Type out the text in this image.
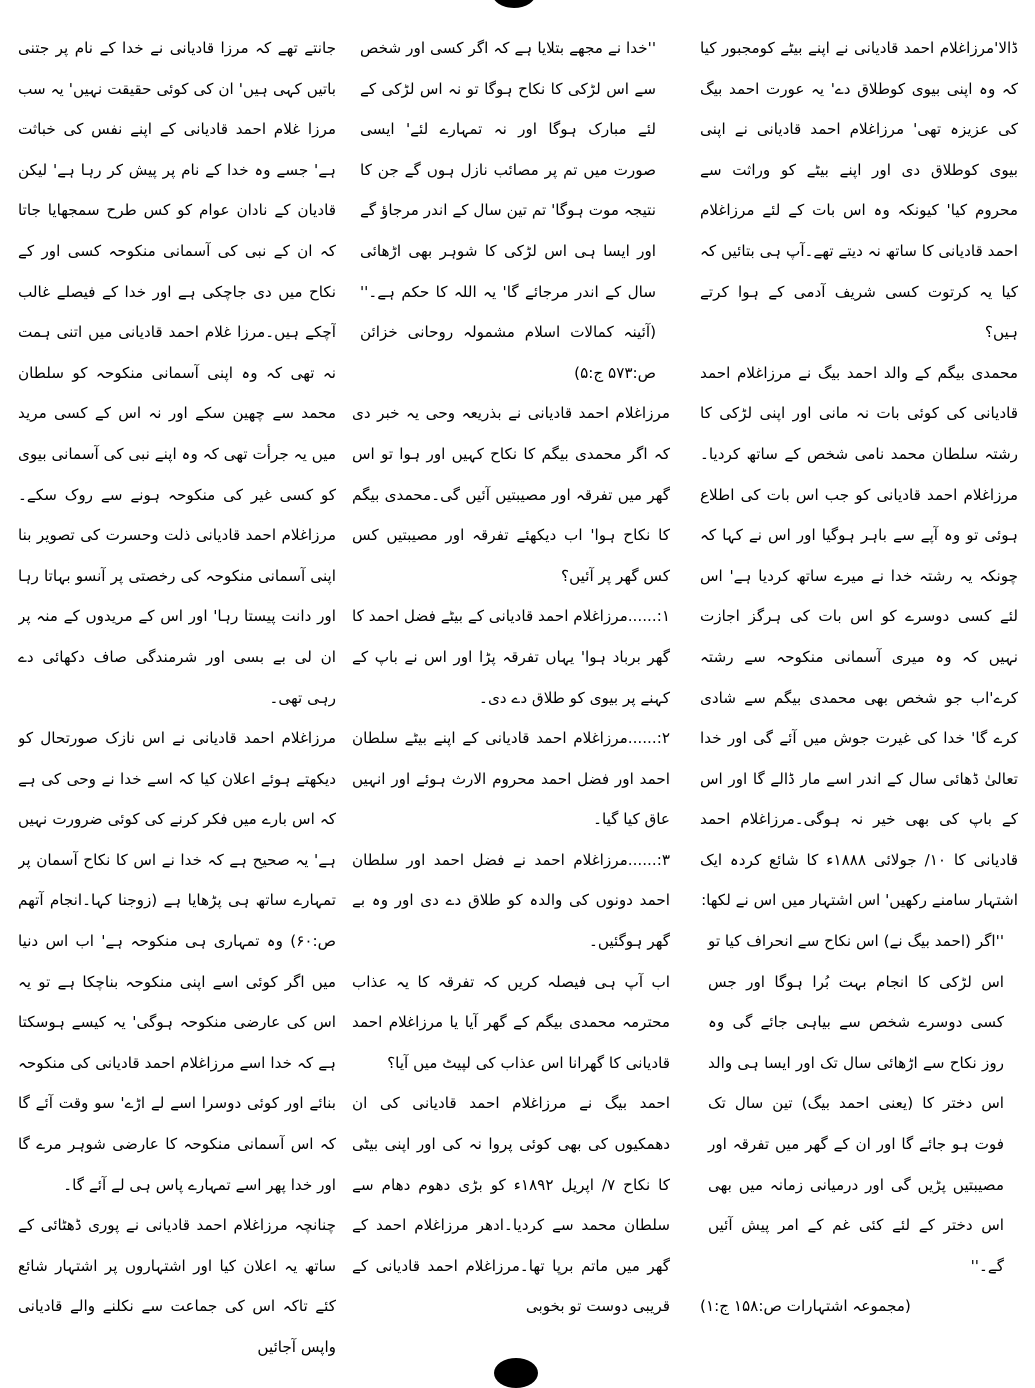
ڈالا'مرزاغلام احمد قادیانی نے اپنے بیٹے کومجبور کیا کہ وہ اپنی بیوی کوطلاق دے' یہ عورت احمد بیگ کی عزیزہ تھی' مرزاغلام احمد قادیانی نے اپنی بیوی کوطلاق دی اور اپنے بیٹے کو وراثت سے محروم کیا' کیونکہ وہ اس بات کے لئے مرزاغلام احمد قادیانی کا ساتھ نہ دیتے تھے۔آپ ہی بتائیں کہ کیا یہ کرتوت کسی شریف آدمی کے ہوا کرتے ہیں؟

محمدی بیگم کے والد احمد بیگ نے مرزاغلام احمد قادیانی کی کوئی بات نہ مانی اور اپنی لڑکی کا رشتہ سلطان محمد نامی شخص کے ساتھ کردیا۔مرزاغلام احمد قادیانی کو جب اس بات کی اطلاع ہوئی تو وہ آپے سے باہر ہوگیا اور اس نے کہا کہ چونکہ یہ رشتہ خدا نے میرے ساتھ کردیا ہے' اس لئے کسی دوسرے کو اس بات کی ہرگز اجازت نہیں کہ وہ میری آسمانی منکوحہ سے رشتہ کرے'اب جو شخص بھی محمدی بیگم سے شادی کرے گا' خدا کی غیرت جوش میں آئے گی اور خدا تعالیٰ ڈھائی سال کے اندر اسے مار ڈالے گا اور اس کے باپ کی بھی خیر نہ ہوگی۔مرزاغلام احمد قادیانی کا ۱۰/ جولائی ۱۸۸۸ء کا شائع کردہ ایک اشتہار سامنے رکھیں' اس اشتہار میں اس نے لکھا:

''اگر (احمد بیگ نے) اس نکاح سے انحراف کیا تو اس لڑکی کا انجام بہت بُرا ہوگا اور جس کسی دوسرے شخص سے بیاہی جائے گی وہ روز نکاح سے اڑھائی سال تک اور ایسا ہی والد اس دختر کا (یعنی احمد بیگ) تین سال تک فوت ہو جائے گا اور ان کے گھر میں تفرقہ اور مصیبتیں پڑیں گی اور درمیانی زمانہ میں بھی اس دختر کے لئے کئی غم کے امر پیش آئیں گے۔''

(مجموعہ اشتہارات ص:۱۵۸ ج:۱)

''خدا نے مجھے بتلایا ہے کہ اگر کسی اور شخص سے اس لڑکی کا نکاح ہوگا تو نہ اس لڑکی کے لئے مبارک ہوگا اور نہ تمہارے لئے' ایسی صورت میں تم پر مصائب نازل ہوں گے جن کا نتیجہ موت ہوگا' تم تین سال کے اندر مرجاؤ گے اور ایسا ہی اس لڑکی کا شوہر بھی اڑھائی سال کے اندر مرجائے گا' یہ اللہ کا حکم ہے۔'' (آئینہ کمالات اسلام مشمولہ روحانی خزائن ص:۵۷۳ ج:۵)

مرزاغلام احمد قادیانی نے بذریعہ وحی یہ خبر دی کہ اگر محمدی بیگم کا نکاح کہیں اور ہوا تو اس گھر میں تفرقہ اور مصیبتیں آئیں گی۔محمدی بیگم کا نکاح ہوا' اب دیکھئے تفرقہ اور مصیبتیں کس کس گھر پر آئیں؟

۱:......مرزاغلام احمد قادیانی کے بیٹے فضل احمد کا گھر برباد ہوا' یہاں تفرقہ پڑا اور اس نے باپ کے کہنے پر بیوی کو طلاق دے دی۔

۲:......مرزاغلام احمد قادیانی کے اپنے بیٹے سلطان احمد اور فضل احمد محروم الارث ہوئے اور انہیں عاق کیا گیا۔

۳:......مرزاغلام احمد نے فضل احمد اور سلطان احمد دونوں کی والدہ کو طلاق دے دی اور وہ بے گھر ہوگئیں۔

اب آپ ہی فیصلہ کریں کہ تفرقہ کا یہ عذاب محترمہ محمدی بیگم کے گھر آیا یا مرزاغلام احمد قادیانی کا گھرانا اس عذاب کی لپیٹ میں آیا؟

احمد بیگ نے مرزاغلام احمد قادیانی کی ان دھمکیوں کی بھی کوئی پروا نہ کی اور اپنی بیٹی کا نکاح ۷/ اپریل ۱۸۹۲ء کو بڑی دھوم دھام سے سلطان محمد سے کردیا۔ادھر مرزاغلام احمد کے گھر میں ماتم برپا تھا۔مرزاغلام احمد قادیانی کے قریبی دوست تو بخوبی

جانتے تھے کہ مرزا قادیانی نے خدا کے نام پر جتنی باتیں کہی ہیں' ان کی کوئی حقیقت نہیں' یہ سب مرزا غلام احمد قادیانی کے اپنے نفس کی خباثت ہے' جسے وہ خدا کے نام پر پیش کر رہا ہے' لیکن قادیان کے نادان عوام کو کس طرح سمجھایا جاتا کہ ان کے نبی کی آسمانی منکوحہ کسی اور کے نکاح میں دی جاچکی ہے اور خدا کے فیصلے غالب آچکے ہیں۔مرزا غلام احمد قادیانی میں اتنی ہمت نہ تھی کہ وہ اپنی آسمانی منکوحہ کو سلطان محمد سے چھین سکے اور نہ اس کے کسی مرید میں یہ جرأت تھی کہ وہ اپنے نبی کی آسمانی بیوی کو کسی غیر کی منکوحہ ہونے سے روک سکے۔مرزاغلام احمد قادیانی ذلت وحسرت کی تصویر بنا اپنی آسمانی منکوحہ کی رخصتی پر آنسو بہاتا رہا اور دانت پیستا رہا' اور اس کے مریدوں کے منہ پر ان لی بے بسی اور شرمندگی صاف دکھائی دے رہی تھی۔

مرزاغلام احمد قادیانی نے اس نازک صورتحال کو دیکھتے ہوئے اعلان کیا کہ اسے خدا نے وحی کی ہے کہ اس بارے میں فکر کرنے کی کوئی ضرورت نہیں ہے' یہ صحیح ہے کہ خدا نے اس کا نکاح آسمان پر تمہارے ساتھ ہی پڑھایا ہے (زوجنا کہا۔انجام آتھم ص:۶۰) وہ تمہاری ہی منکوحہ ہے' اب اس دنیا میں اگر کوئی اسے اپنی منکوحہ بناچکا ہے تو یہ اس کی عارضی منکوحہ ہوگی' یہ کیسے ہوسکتا ہے کہ خدا اسے مرزاغلام احمد قادیانی کی منکوحہ بنائے اور کوئی دوسرا اسے لے اڑے' سو وقت آئے گا کہ اس آسمانی منکوحہ کا عارضی شوہر مرے گا اور خدا پھر اسے تمہارے پاس ہی لے آئے گا۔

چنانچہ مرزاغلام احمد قادیانی نے پوری ڈھٹائی کے ساتھ یہ اعلان کیا اور اشتہاروں پر اشتہار شائع کئے تاکہ اس کی جماعت سے نکلنے والے قادیانی واپس آجائیں
